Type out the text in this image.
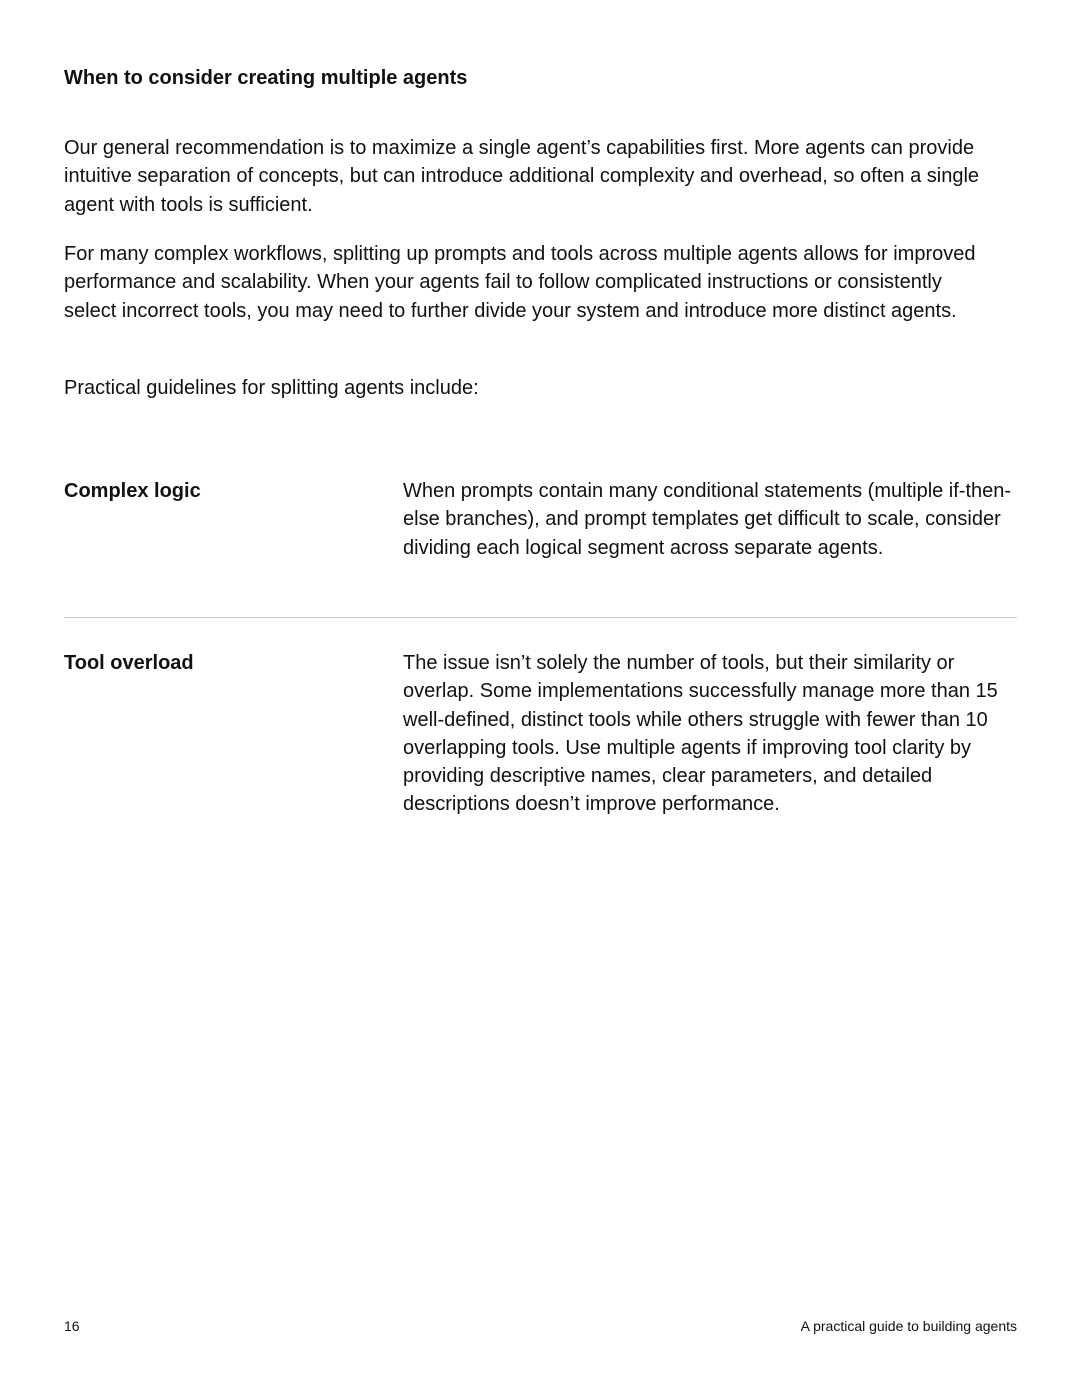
When to consider creating multiple agents

Our general recommendation is to maximize a single agent’s capabilities first. More agents can provide intuitive separation of concepts, but can introduce additional complexity and overhead, so often a single agent with tools is sufficient.

For many complex workflows, splitting up prompts and tools across multiple agents allows for improved performance and scalability. When your agents fail to follow complicated instructions or consistently select incorrect tools, you may need to further divide your system and introduce more distinct agents.

Practical guidelines for splitting agents include:

Complex logic	When prompts contain many conditional statements (multiple if-then-else branches), and prompt templates get difficult to scale, consider dividing each logical segment across separate agents.

Tool overload	The issue isn’t solely the number of tools, but their similarity or overlap. Some implementations successfully manage more than 15 well-defined, distinct tools while others struggle with fewer than 10 overlapping tools. Use multiple agents if improving tool clarity by providing descriptive names, clear parameters, and detailed descriptions doesn’t improve performance.

16	A practical guide to building agents
